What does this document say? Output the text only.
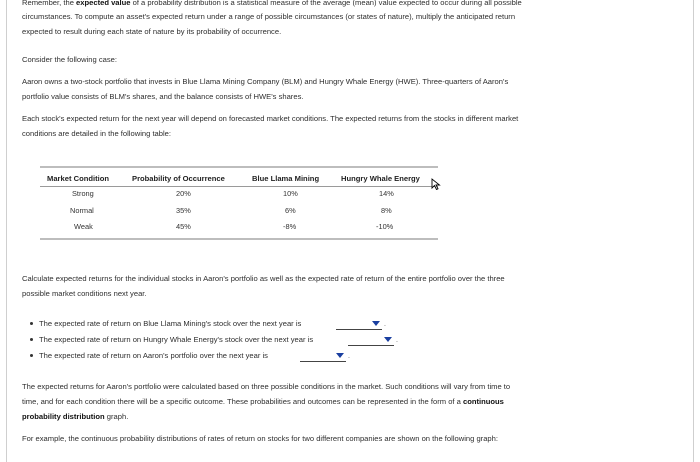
Remember, the expected value of a probability distribution is a statistical measure of the average (mean) value expected to occur during all possible
circumstances. To compute an asset's expected return under a range of possible circumstances (or states of nature), multiply the anticipated return
expected to result during each state of nature by its probability of occurrence.
Consider the following case:
Aaron owns a two-stock portfolio that invests in Blue Llama Mining Company (BLM) and Hungry Whale Energy (HWE). Three-quarters of Aaron's
portfolio value consists of BLM's shares, and the balance consists of HWE's shares.
Each stock's expected return for the next year will depend on forecasted market conditions. The expected returns from the stocks in different market
conditions are detailed in the following table:
Market Condition	Probability of Occurrence	Blue Llama Mining	Hungry Whale Energy
Strong	20%	10%	14%
Normal	35%	6%	8%
Weak	45%	-8%	-10%
Calculate expected returns for the individual stocks in Aaron's portfolio as well as the expected rate of return of the entire portfolio over the three
possible market conditions next year.
The expected rate of return on Blue Llama Mining's stock over the next year is	.
The expected rate of return on Hungry Whale Energy's stock over the next year is	.
The expected rate of return on Aaron's portfolio over the next year is	.
The expected returns for Aaron's portfolio were calculated based on three possible conditions in the market. Such conditions will vary from time to
time, and for each condition there will be a specific outcome. These probabilities and outcomes can be represented in the form of a continuous
probability distribution graph.
For example, the continuous probability distributions of rates of return on stocks for two different companies are shown on the following graph:
